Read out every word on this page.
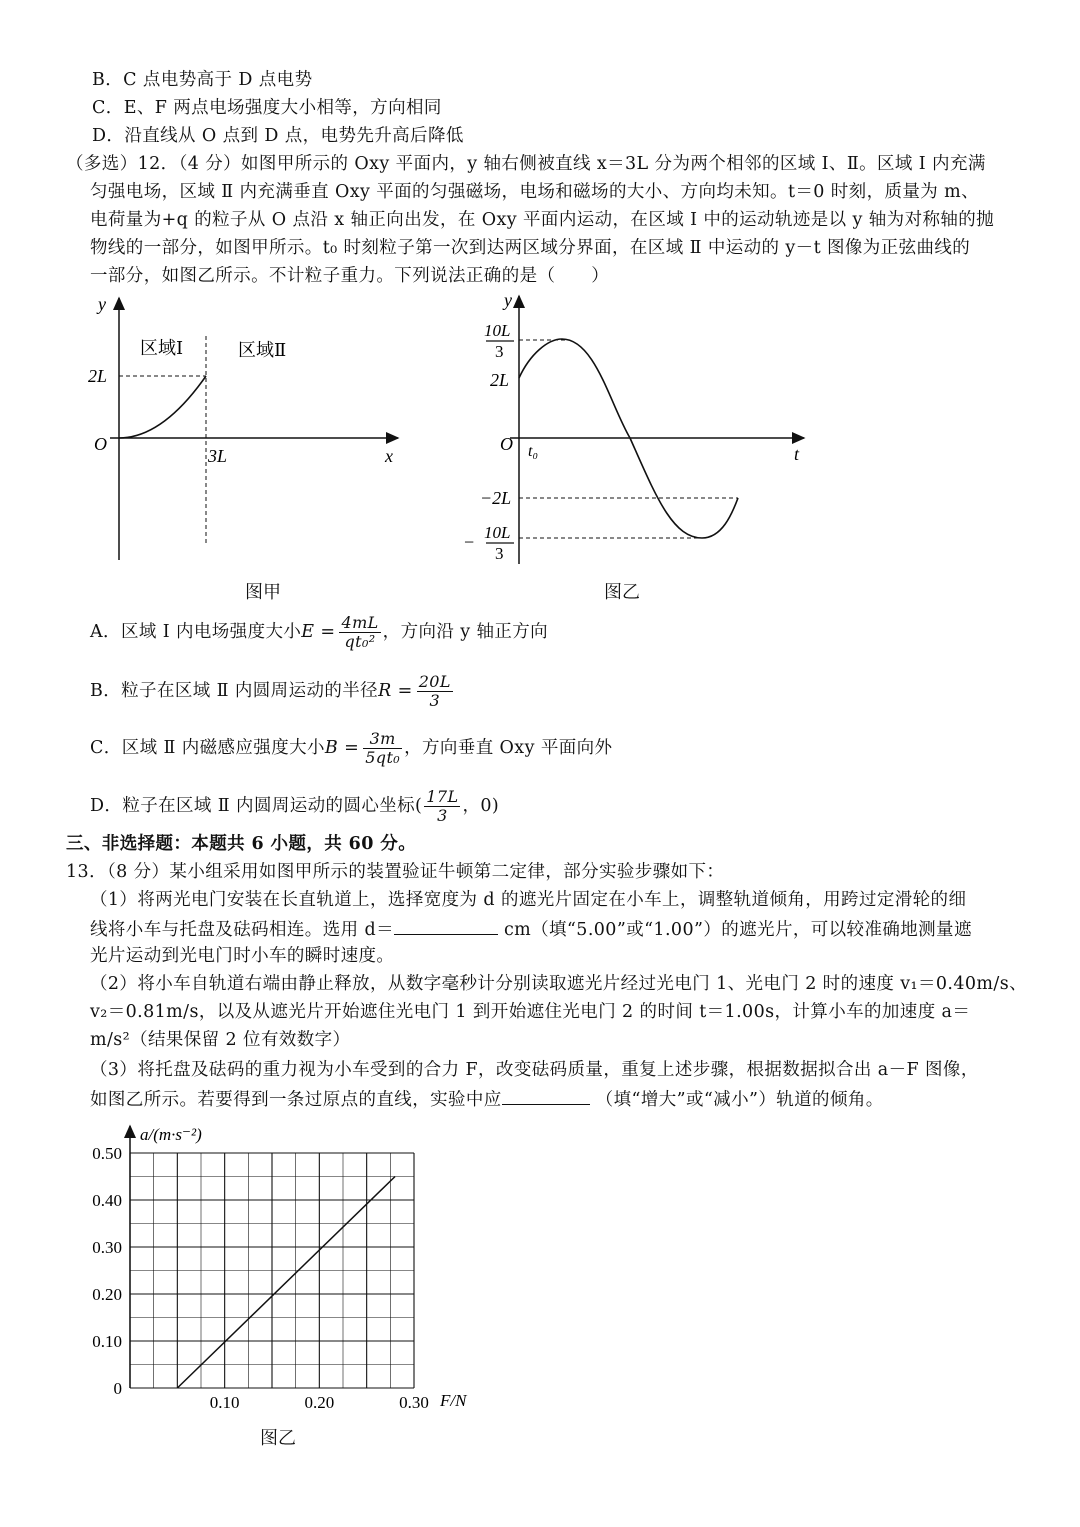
B．C 点电势高于 D 点电势
C．E、F 两点电场强度大小相等，方向相同
D．沿直线从 O 点到 D 点，电势先升高后降低
（多选）12．（4 分）如图甲所示的 Oxy 平面内，y 轴右侧被直线 x＝3L 分为两个相邻的区域 Ⅰ、Ⅱ。区域 Ⅰ 内充满
匀强电场，区域 Ⅱ 内充满垂直 Oxy 平面的匀强磁场，电场和磁场的大小、方向均未知。t＝0 时刻，质量为 m、
电荷量为+q 的粒子从 O 点沿 x 轴正向出发，在 Oxy 平面内运动，在区域 Ⅰ 中的运动轨迹是以 y 轴为对称轴的抛
物线的一部分，如图甲所示。t₀ 时刻粒子第一次到达两区域分界面，在区域 Ⅱ 中运动的 y－t 图像为正弦曲线的
一部分，如图乙所示。不计粒子重力。下列说法正确的是（　　）
y
x
O
区域Ⅰ	区域Ⅱ
2L
3L
图甲
y
t
O t₀
10L
3
2L
−2L
− 10L
3
图乙
A．区域 Ⅰ 内电场强度大小$E = \frac{4mL}{\text{qt₀²}}$ ，方向沿 y 轴正方向
B．粒子在区域 Ⅱ 内圆周运动的半径$R = \frac{20L}{3}$
C．区域 Ⅱ 内磁感应强度大小$B = \frac{3m}{\text{5qt₀}}$ ，方向垂直 Oxy 平面向外
D．粒子在区域 Ⅱ 内圆周运动的圆心坐标( $\frac{17L}{3}$ ，0)
三、非选择题：本题共 6 小题，共 60 分。
13．（8 分）某小组采用如图甲所示的装置验证牛顿第二定律，部分实验步骤如下：
（1）将两光电门安装在长直轨道上，选择宽度为 d 的遮光片固定在小车上，调整轨道倾角，用跨过定滑轮的细
线将小车与托盘及砝码相连。选用 d＝	cm（填“5.00”或“1.00”）的遮光片，可以较准确地测量遮
光片运动到光电门时小车的瞬时速度。
（2）将小车自轨道右端由静止释放，从数字毫秒计分别读取遮光片经过光电门 1、光电门 2 时的速度 v₁＝0.40m/s、
v₂＝0.81m/s，以及从遮光片开始遮住光电门 1 到开始遮住光电门 2 的时间 t＝1.00s，计算小车的加速度 a＝
m/s²（结果保留 2 位有效数字）
（3）将托盘及砝码的重力视为小车受到的合力 F，改变砝码质量，重复上述步骤，根据数据拟合出 a－F 图像，
如图乙所示。若要得到一条过原点的直线，实验中应	（填“增大”或“减小”）轨道的倾角。
0
0.10
0.20
0.30
0.40
0.50
0.10	0.20	0.30
a/(m·s⁻²)
F/N
图乙
